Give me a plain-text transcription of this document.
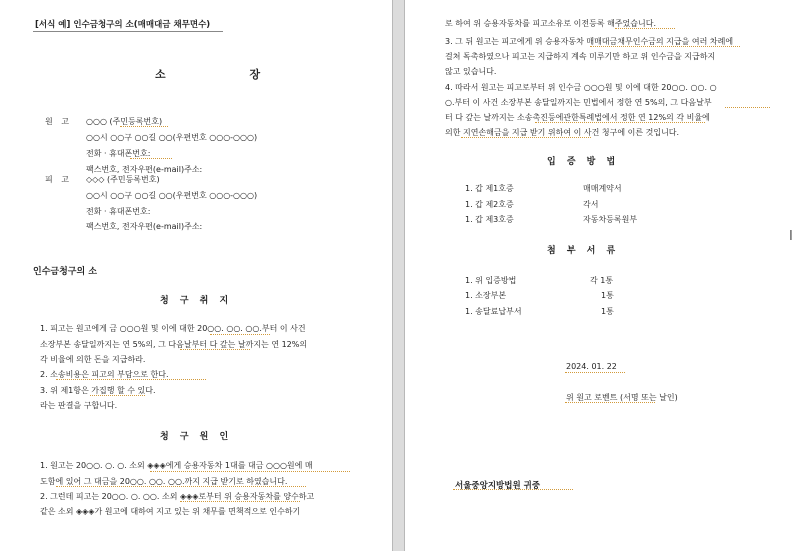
[서식 예] 인수금청구의 소(매매대금 채무면수)
소 장
원 고 ○○○ (주민등록번호)
○○시 ○○구 ○○길 ○○(우편번호 ○○○-○○○)
전화 · 휴대폰번호:
팩스번호, 전자우편(e-mail)주소:
피 고 ◇◇◇ (주민등록번호)
○○시 ○○구 ○○길 ○○(우편번호 ○○○-○○○)
전화 · 휴대폰번호:
팩스번호, 전자우편(e-mail)주소:
인수금청구의 소
청 구 취 지
1. 피고는 원고에게 금 ○○○원 및 이에 대한 20○○. ○○. ○○.부터 이 사건
소장부본 송달일까지는 연 5%의, 그 다음날부터 다 갚는 날까지는 연 12%의
각 비율에 의한 돈을 지급하라.
2. 소송비용은 피고의 부담으로 한다.
3. 위 제1항은 가집행 할 수 있다.
라는 판결을 구합니다.
청 구 원 인
1. 원고는 20○○. ○. ○. 소외 ◈◈◈에게 승용자동차 1대를 대금 ○○○원에 매
도함에 있어 그 대금을 20○○. ○○. ○○.까지 지급 받기로 하였습니다.
2. 그런데 피고는 20○○. ○. ○○. 소외 ◈◈◈로부터 위 승용자동차를 양수하고
같은 소외 ◈◈◈가 원고에 대하여 지고 있는 위 채무를 면책적으로 인수하기
로 하여 위 승용자동차를 피고소유로 이전등록 해주었습니다.
3. 그 뒤 원고는 피고에게 위 승용자동차 매매대금채무인수금의 지급을 여러 차례에
걸쳐 독촉하였으나 피고는 지급하지 계속 미루기만 하고 위 인수금을 지급하지
않고 있습니다.
4. 따라서 원고는 피고로부터 위 인수금 ○○○원 및 이에 대한 20○○. ○○. ○
○.부터 이 사건 소장부본 송달일까지는 민법에서 정한 연 5%의, 그 다음날부
터 다 갚는 날까지는 소송촉진등에관한특례법에서 정한 연 12%의 각 비율에
의한 지연손해금을 지급 받기 위하여 이 사건 청구에 이른 것입니다.
입 증 방 법
1. 갑 제1호증	매매계약서
1. 갑 제2호증	각서
1. 갑 제3호증	자동차등록원부
첨 부 서 류
1. 위 입증방법	각 1통
1. 소장부본	1통
1. 송달료납부서	1통
2024. 01. 22
위 원고 로벤트 (서명 또는 날인)
서울중앙지방법원 귀중
Ⅰ
